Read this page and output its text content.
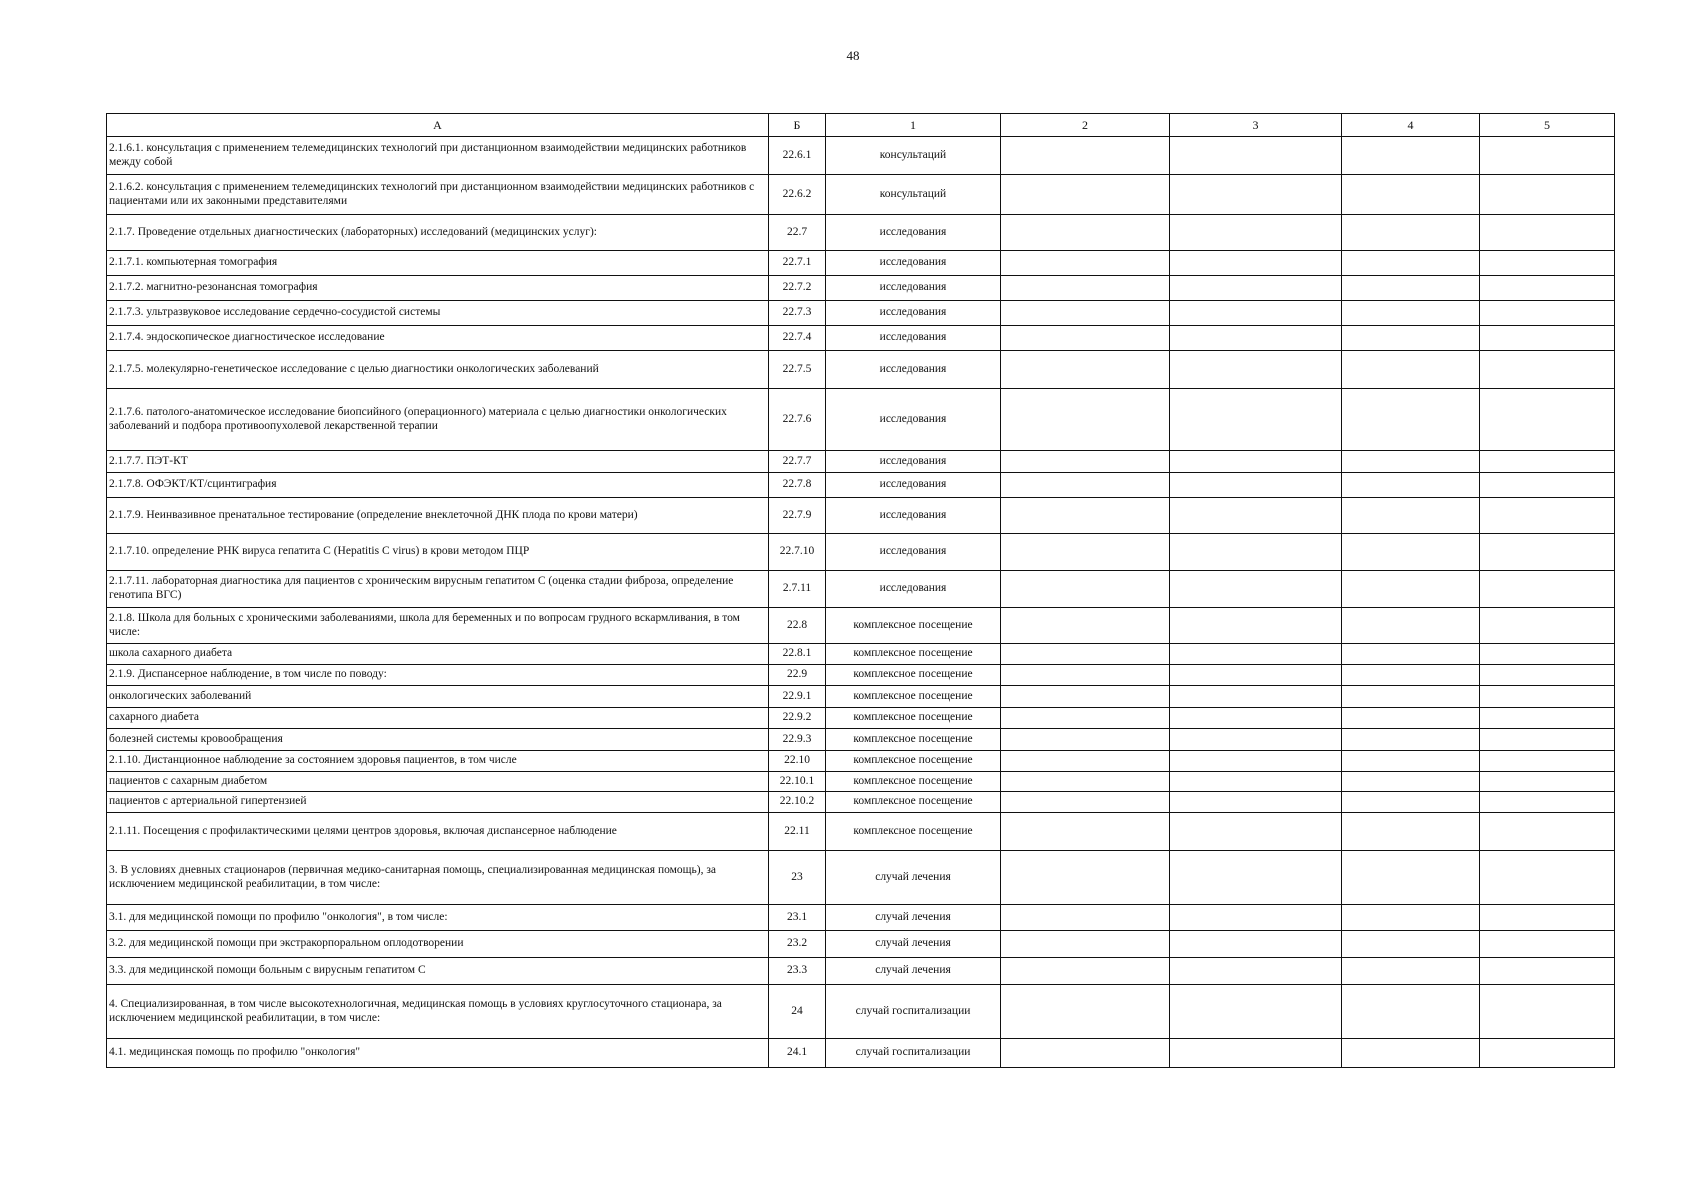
48
А	Б	1	2	3	4	5
2.1.6.1. консультация с применением телемедицинских технологий при дистанционном взаимодействии медицинских работников между собой	22.6.1	консультаций				
2.1.6.2. консультация с применением телемедицинских технологий при дистанционном взаимодействии медицинских работников с пациентами или их законными представителями	22.6.2	консультаций				
2.1.7. Проведение отдельных диагностических (лабораторных) исследований (медицинских услуг):	22.7	исследования				
2.1.7.1. компьютерная томография	22.7.1	исследования				
2.1.7.2. магнитно-резонансная томография	22.7.2	исследования				
2.1.7.3. ультразвуковое исследование сердечно-сосудистой системы	22.7.3	исследования				
2.1.7.4. эндоскопическое диагностическое исследование	22.7.4	исследования				
2.1.7.5. молекулярно-генетическое исследование с целью диагностики онкологических заболеваний	22.7.5	исследования				
2.1.7.6. патолого-анатомическое исследование биопсийного (операционного) материала с целью диагностики онкологических заболеваний и подбора противоопухолевой лекарственной терапии	22.7.6	исследования				
2.1.7.7. ПЭТ-КТ	22.7.7	исследования				
2.1.7.8. ОФЭКТ/КТ/сцинтиграфия	22.7.8	исследования				
2.1.7.9. Неинвазивное пренатальное тестирование (определение внеклеточной ДНК плода по крови матери)	22.7.9	исследования				
2.1.7.10. определение РНК вируса гепатита С (Hepatitis C virus) в крови методом ПЦР	22.7.10	исследования				
2.1.7.11. лабораторная диагностика для пациентов с хроническим вирусным гепатитом С (оценка стадии фиброза, определение генотипа ВГС)	2.7.11	исследования				
2.1.8. Школа для больных с хроническими заболеваниями, школа для беременных и по вопросам грудного вскармливания, в том числе:	22.8	комплексное посещение				
школа сахарного диабета	22.8.1	комплексное посещение				
2.1.9. Диспансерное наблюдение, в том числе по поводу:	22.9	комплексное посещение				
онкологических заболеваний	22.9.1	комплексное посещение				
сахарного диабета	22.9.2	комплексное посещение				
болезней системы кровообращения	22.9.3	комплексное посещение				
2.1.10. Дистанционное наблюдение за состоянием здоровья пациентов, в том числе	22.10	комплексное посещение				
пациентов с сахарным диабетом	22.10.1	комплексное посещение				
пациентов с артериальной гипертензией	22.10.2	комплексное посещение				
2.1.11. Посещения с профилактическими целями центров здоровья, включая диспансерное наблюдение	22.11	комплексное посещение				
3. В условиях дневных стационаров (первичная медико-санитарная помощь, специализированная медицинская помощь), за исключением медицинской реабилитации, в том числе:	23	случай лечения				
3.1. для медицинской помощи по профилю "онкология", в том числе:	23.1	случай лечения				
3.2. для медицинской помощи при экстракорпоральном оплодотворении	23.2	случай лечения				
3.3. для медицинской помощи больным с вирусным гепатитом С	23.3	случай лечения				
4. Специализированная, в том числе высокотехнологичная, медицинская помощь в условиях круглосуточного стационара, за исключением медицинской реабилитации, в том числе:	24	случай госпитализации				
4.1. медицинская помощь по профилю "онкология"	24.1	случай госпитализации				
